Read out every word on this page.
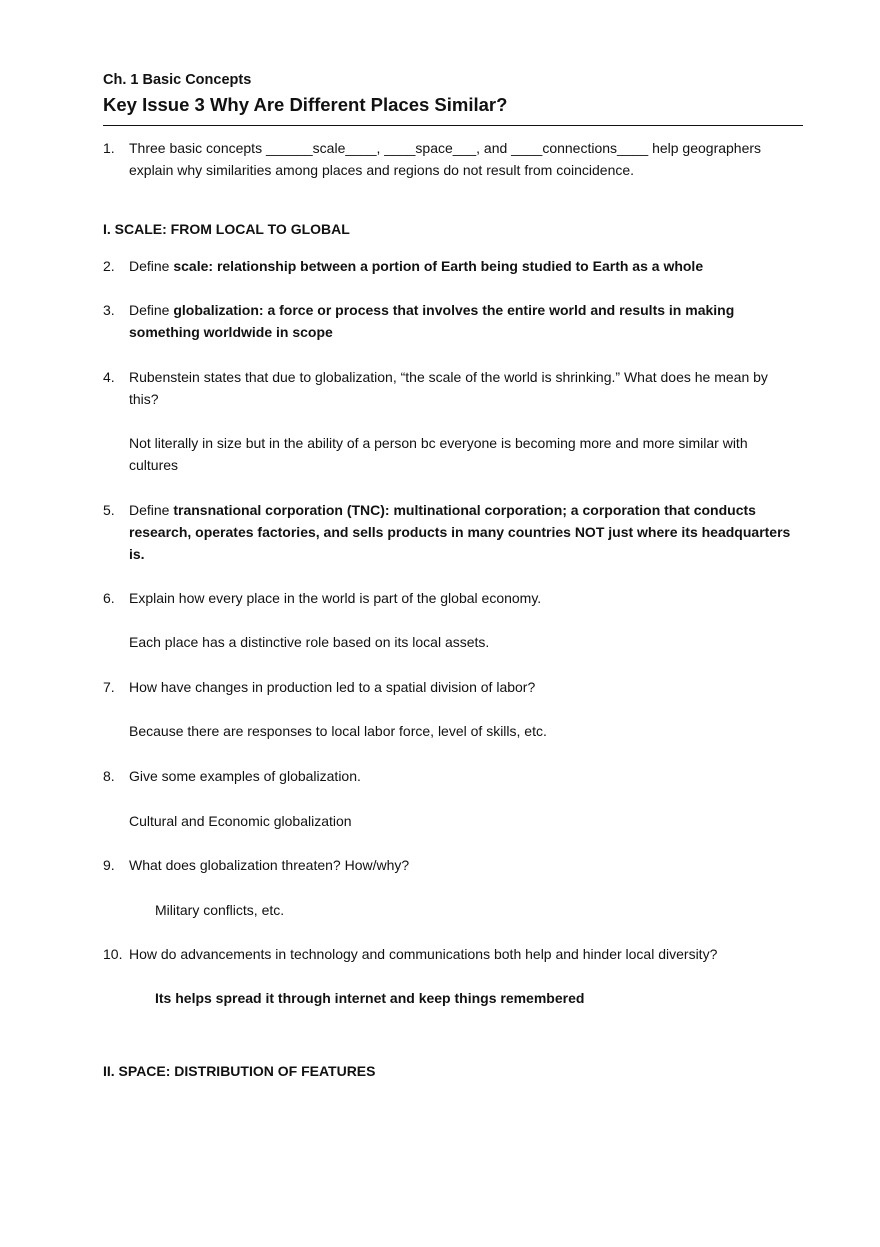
Ch. 1 Basic Concepts
Key Issue 3 Why Are Different Places Similar?
1. Three basic concepts ______scale____, ____space___, and ____connections____ help geographers explain why similarities among places and regions do not result from coincidence.
I. SCALE: FROM LOCAL TO GLOBAL
2. Define scale: relationship between a portion of Earth being studied to Earth as a whole
3. Define globalization: a force or process that involves the entire world and results in making something worldwide in scope
4. Rubenstein states that due to globalization, “the scale of the world is shrinking.” What does he mean by this?
Not literally in size but in the ability of a person bc everyone is becoming more and more similar with cultures
5. Define transnational corporation (TNC): multinational corporation; a corporation that conducts research, operates factories, and sells products in many countries NOT just where its headquarters is.
6. Explain how every place in the world is part of the global economy.
Each place has a distinctive role based on its local assets.
7. How have changes in production led to a spatial division of labor?
Because there are responses to local labor force, level of skills, etc.
8. Give some examples of globalization.
Cultural and Economic globalization
9. What does globalization threaten? How/why?
Military conflicts, etc.
10. How do advancements in technology and communications both help and hinder local diversity?
Its helps spread it through internet and keep things remembered
II. SPACE: DISTRIBUTION OF FEATURES
